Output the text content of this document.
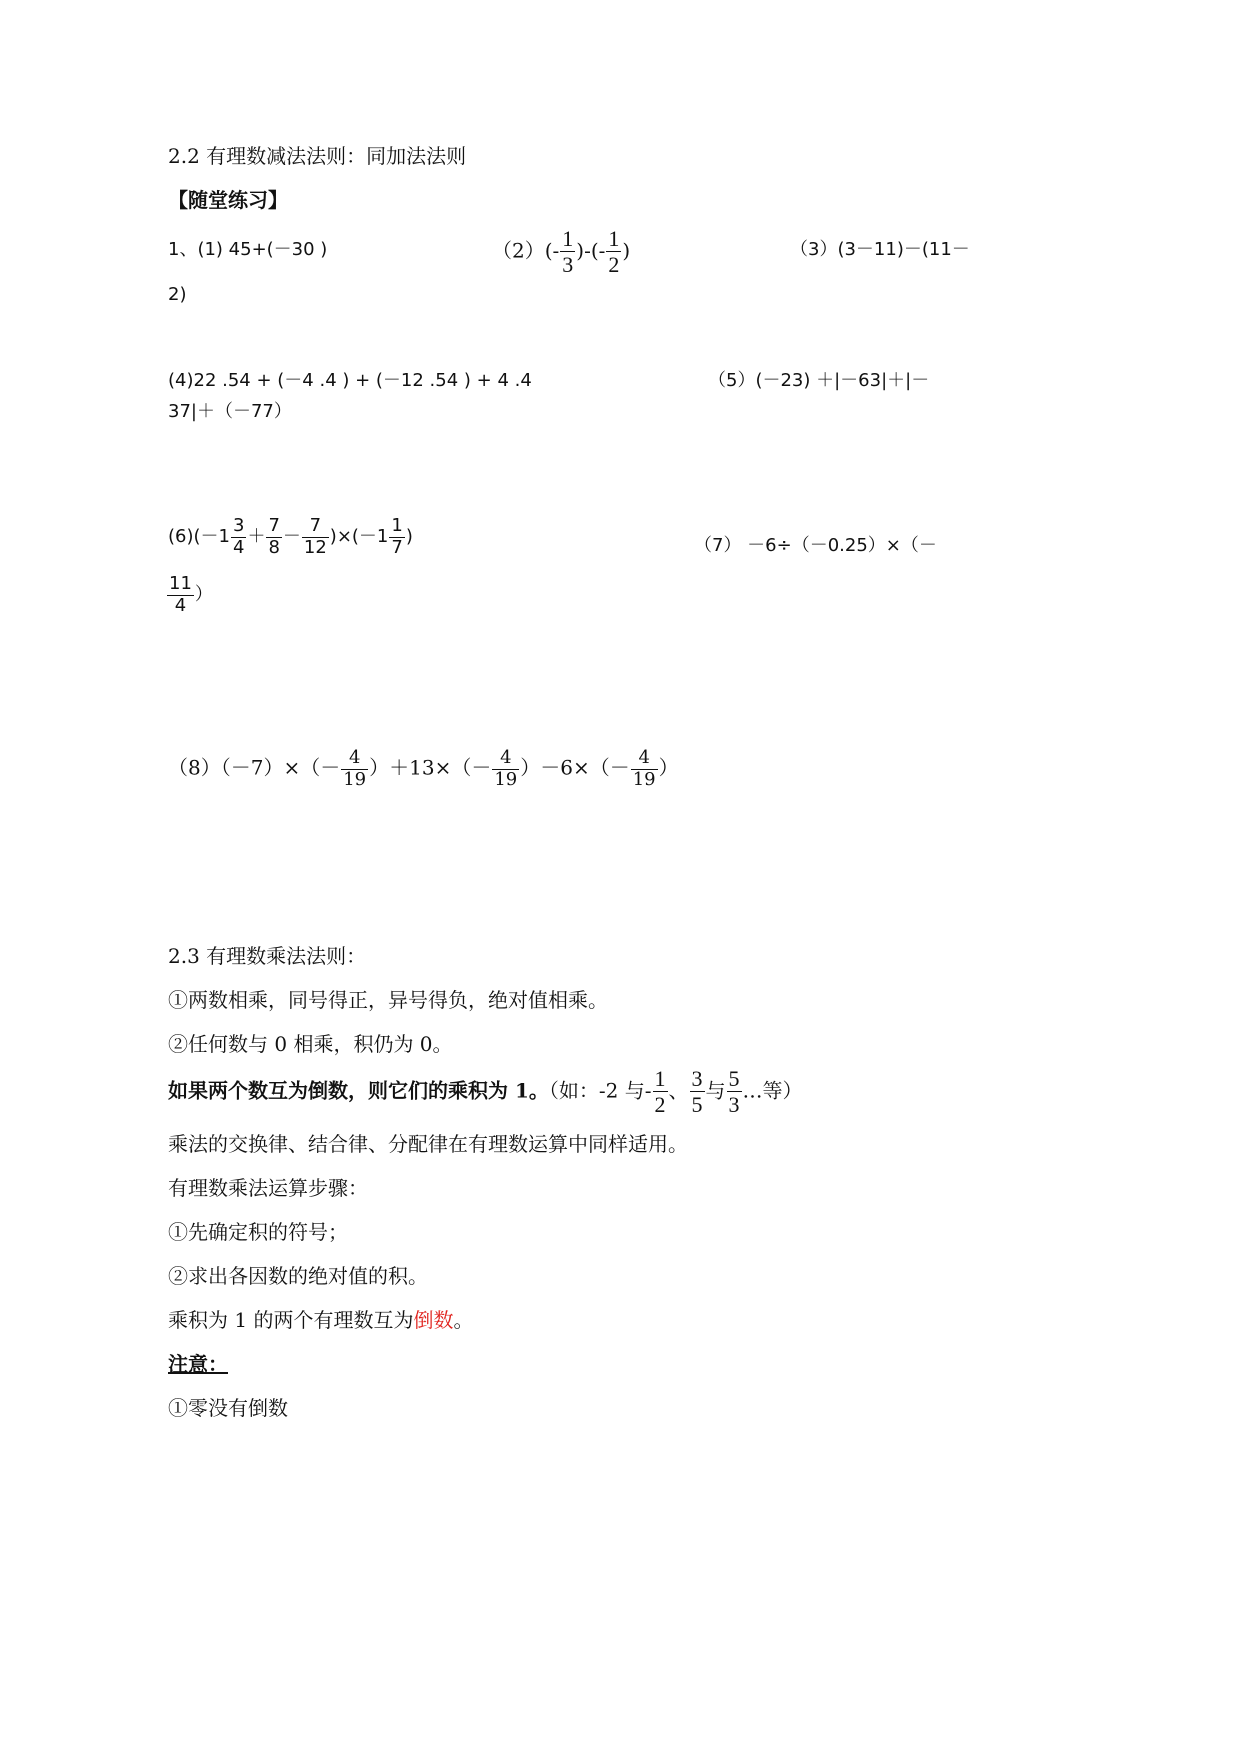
2.2 有理数减法法则：同加法法则
【随堂练习】
1、(1) 45+(－30 )	$(2)(- \frac{1}{3}$ )-(- $\frac{1}{2}$ )	（3）(3－11)－(11－
2)
(4)22 .54 + (－4 .4 ) + (－12 .54 ) + 4 .4	（5）(－23) ＋|－63|＋|－
37|＋（－77）
$(6)(-1 \frac{3}{4} + \frac{7}{8} - \frac{7}{12} )\times(-1 \frac{1}{7}$ )	（7） －6÷（－0.25）×（－
$\frac{11}{4}$ ）
$(8)(-7)\times(- \frac{4}{19} )+13\times(- \frac{4}{19} )-6\times(- \frac{4}{19}$ ）
2.3 有理数乘法法则：
①两数相乘，同号得正，异号得负，绝对值相乘。
②任何数与 0 相乘，积仍为 0。
如果两个数互为倒数，则它们的乘积为 1。（如：-2 与- $\frac{1}{2}$ 、 $\frac{3}{5}$ 与 $\frac{5}{3}$ …等）
乘法的交换律、结合律、分配律在有理数运算中同样适用。
有理数乘法运算步骤：
①先确定积的符号；
②求出各因数的绝对值的积。
乘积为 1 的两个有理数互为倒数。
注意：
①零没有倒数
